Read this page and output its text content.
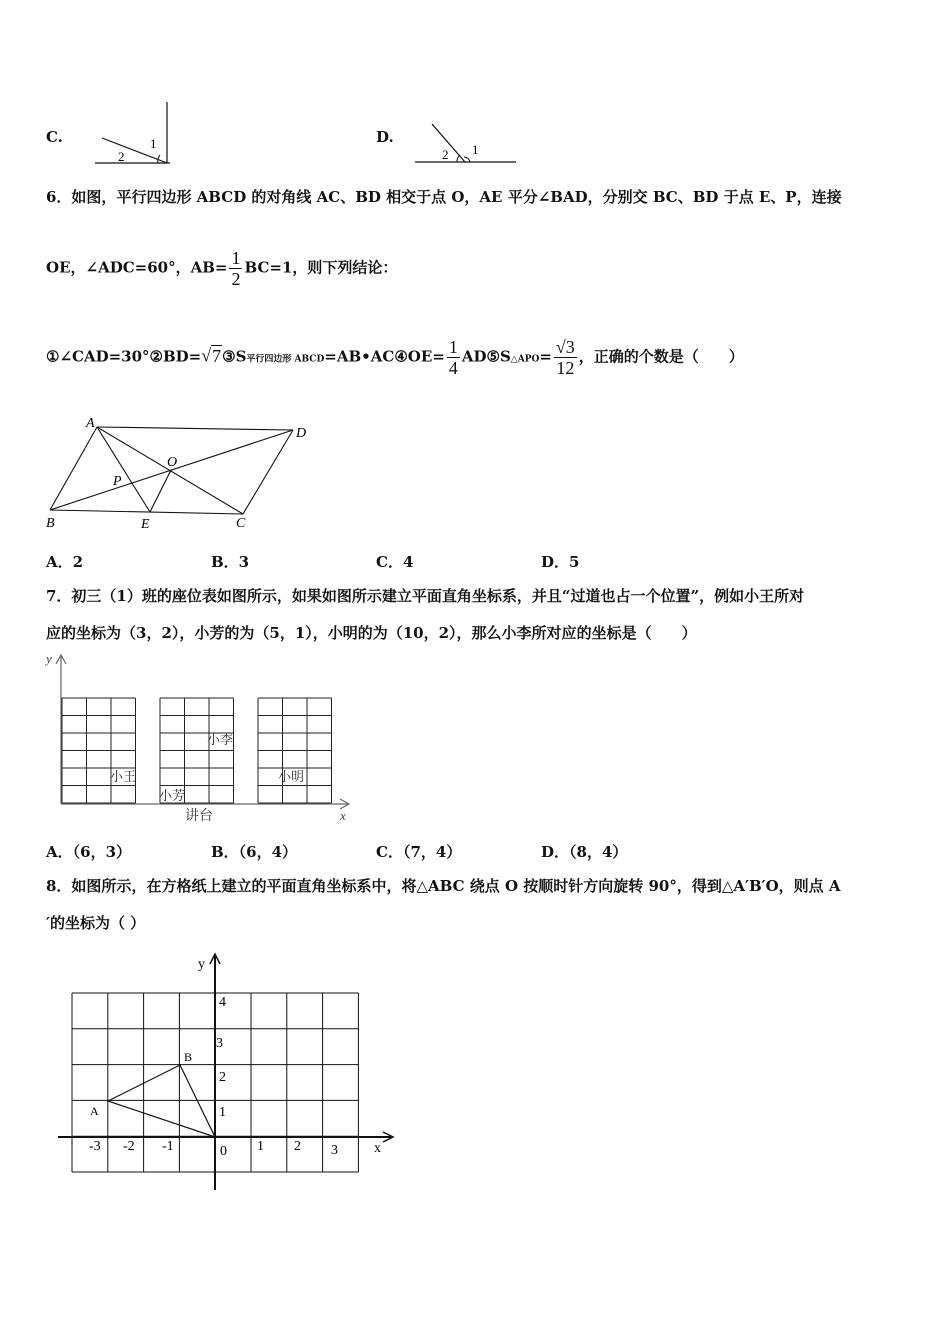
C.	1
2
D.
2 1
6．如图，平行四边形 ABCD 的对角线 AC、BD 相交于点 O，AE 平分∠BAD，分别交 BC、BD 于点 E、P，连接
OE，∠ADC=60°，$AB= \frac{1}{2} BC=1$，则下列结论：
①∠CAD=30°②BD=√7③S平行四边形 ABCD=AB•AC④OE= $\frac{1}{4}$ AD⑤S△APO= $\frac{√3}{12}$ ，正确的个数是（　　）
A
B	C
D
O
P
E
A．2	B．3	C．4	D．5
7．初三（1）班的座位表如图所示，如果如图所示建立平面直角坐标系，并且“过道也占一个位置”，例如小王所对
应的坐标为（3，2），小芳的为（5，1），小明的为（10，2），那么小李所对应的坐标是（　　）
y
x
小王
小芳
小李
小明
讲台
A．（6，3）	B．（6，4）	C．（7，4）	D．（8，4）
8．如图所示，在方格纸上建立的平面直角坐标系中，将△ABC 绕点 O 按顺时针方向旋转 90°，得到△A′B′O，则点 A
′的坐标为（ ）
y
x
-3 -2 -1	1 2 3
0
1
2
3
4
A
B
